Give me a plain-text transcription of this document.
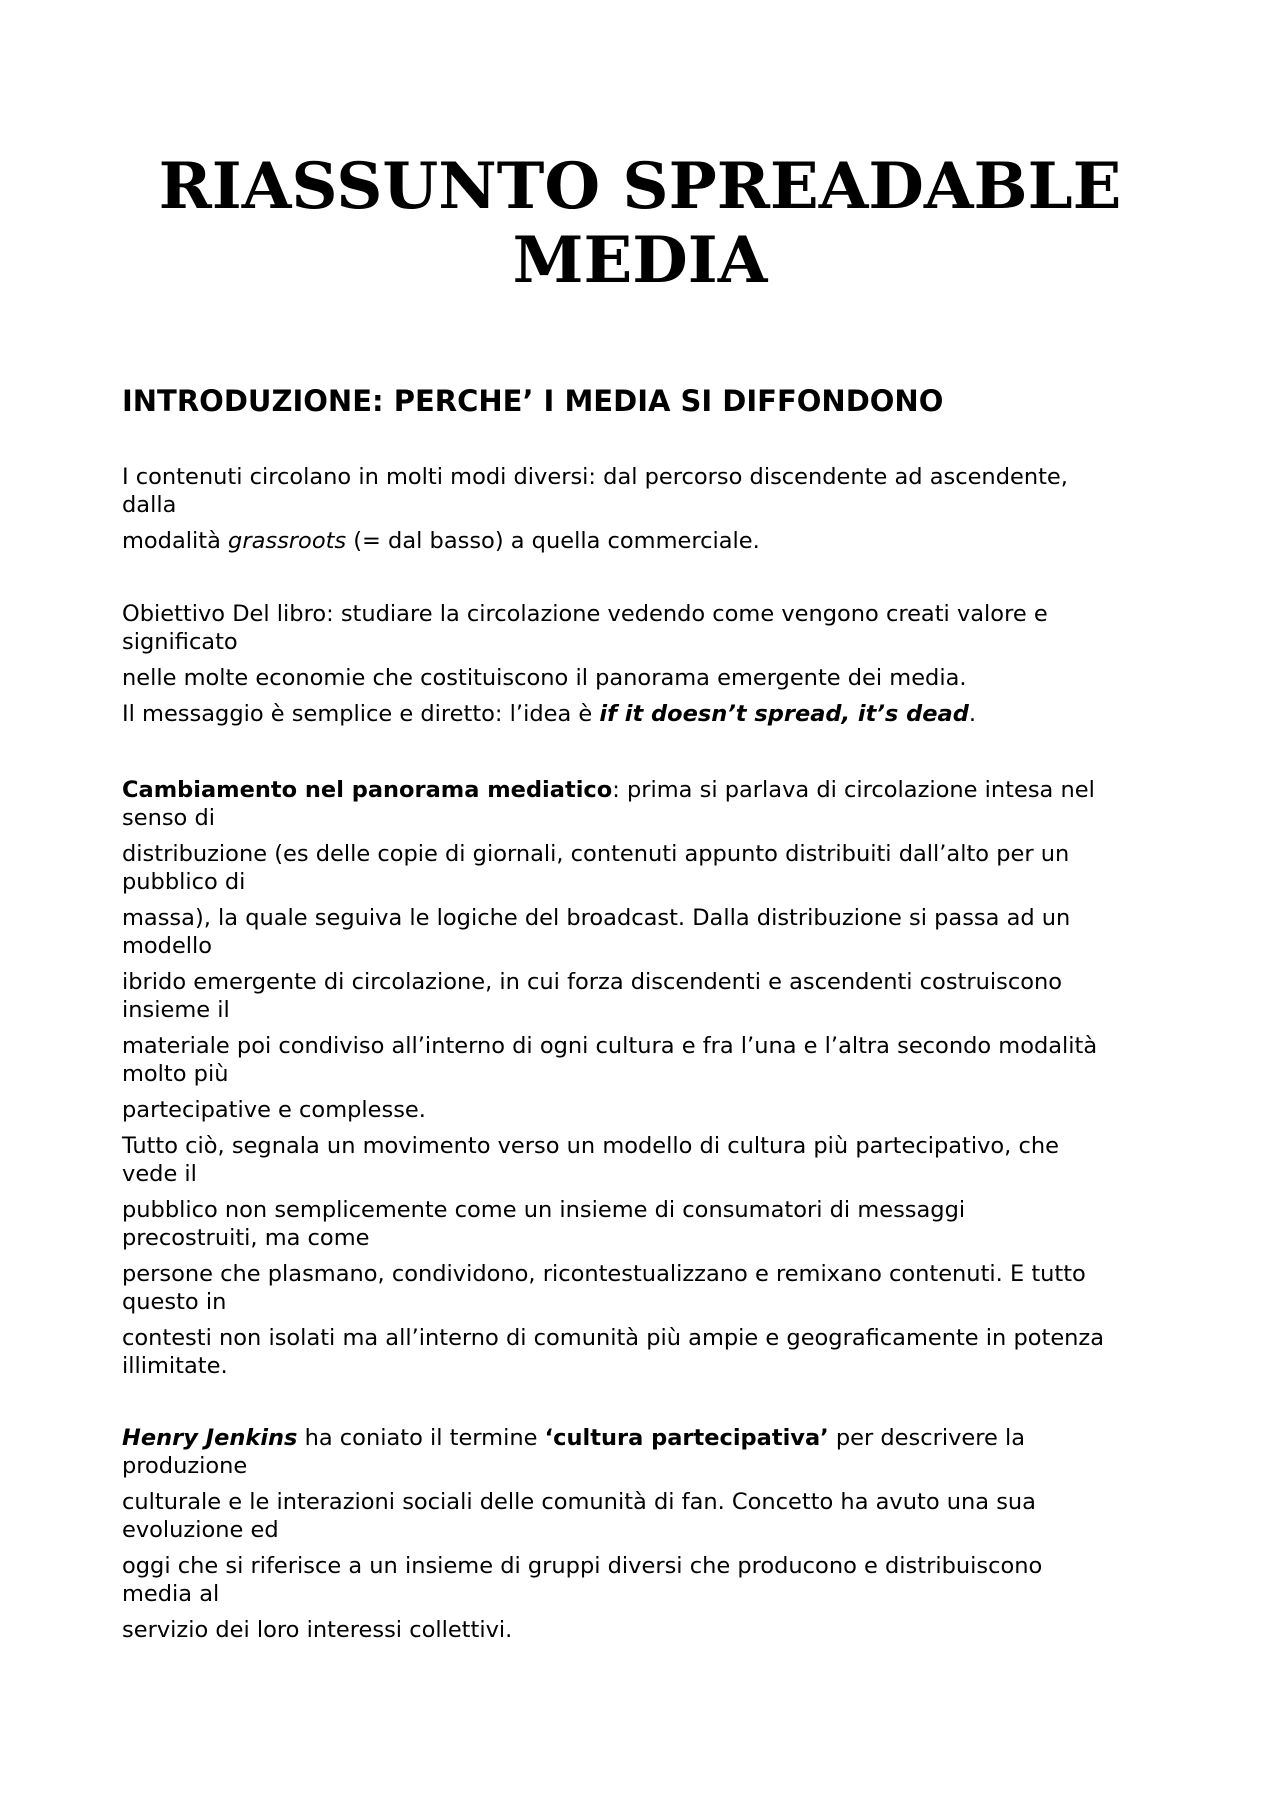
RIASSUNTO SPREADABLE
MEDIA
INTRODUZIONE: PERCHE’ I MEDIA SI DIFFONDONO

I contenuti circolano in molti modi diversi: dal percorso discendente ad ascendente,
dalla

modalità grassroots (= dal basso) a quella commerciale.

Obiettivo Del libro: studiare la circolazione vedendo come vengono creati valore e
significato

nelle molte economie che costituiscono il panorama emergente dei media.

Il messaggio è semplice e diretto: l’idea è if it doesn’t spread, it’s dead.

Cambiamento nel panorama mediatico: prima si parlava di circolazione intesa nel
senso di

distribuzione (es delle copie di giornali, contenuti appunto distribuiti dall’alto per un
pubblico di

massa), la quale seguiva le logiche del broadcast. Dalla distribuzione si passa ad un
modello

ibrido emergente di circolazione, in cui forza discendenti e ascendenti costruiscono
insieme il

materiale poi condiviso all’interno di ogni cultura e fra l’una e l’altra secondo modalità
molto più

partecipative e complesse.

Tutto ciò, segnala un movimento verso un modello di cultura più partecipativo, che
vede il

pubblico non semplicemente come un insieme di consumatori di messaggi
precostruiti, ma come

persone che plasmano, condividono, ricontestualizzano e remixano contenuti. E tutto
questo in

contesti non isolati ma all’interno di comunità più ampie e geograficamente in potenza
illimitate.

Henry Jenkins ha coniato il termine ‘cultura partecipativa’ per descrivere la
produzione

culturale e le interazioni sociali delle comunità di fan. Concetto ha avuto una sua
evoluzione ed

oggi che si riferisce a un insieme di gruppi diversi che producono e distribuiscono
media al

servizio dei loro interessi collettivi.
